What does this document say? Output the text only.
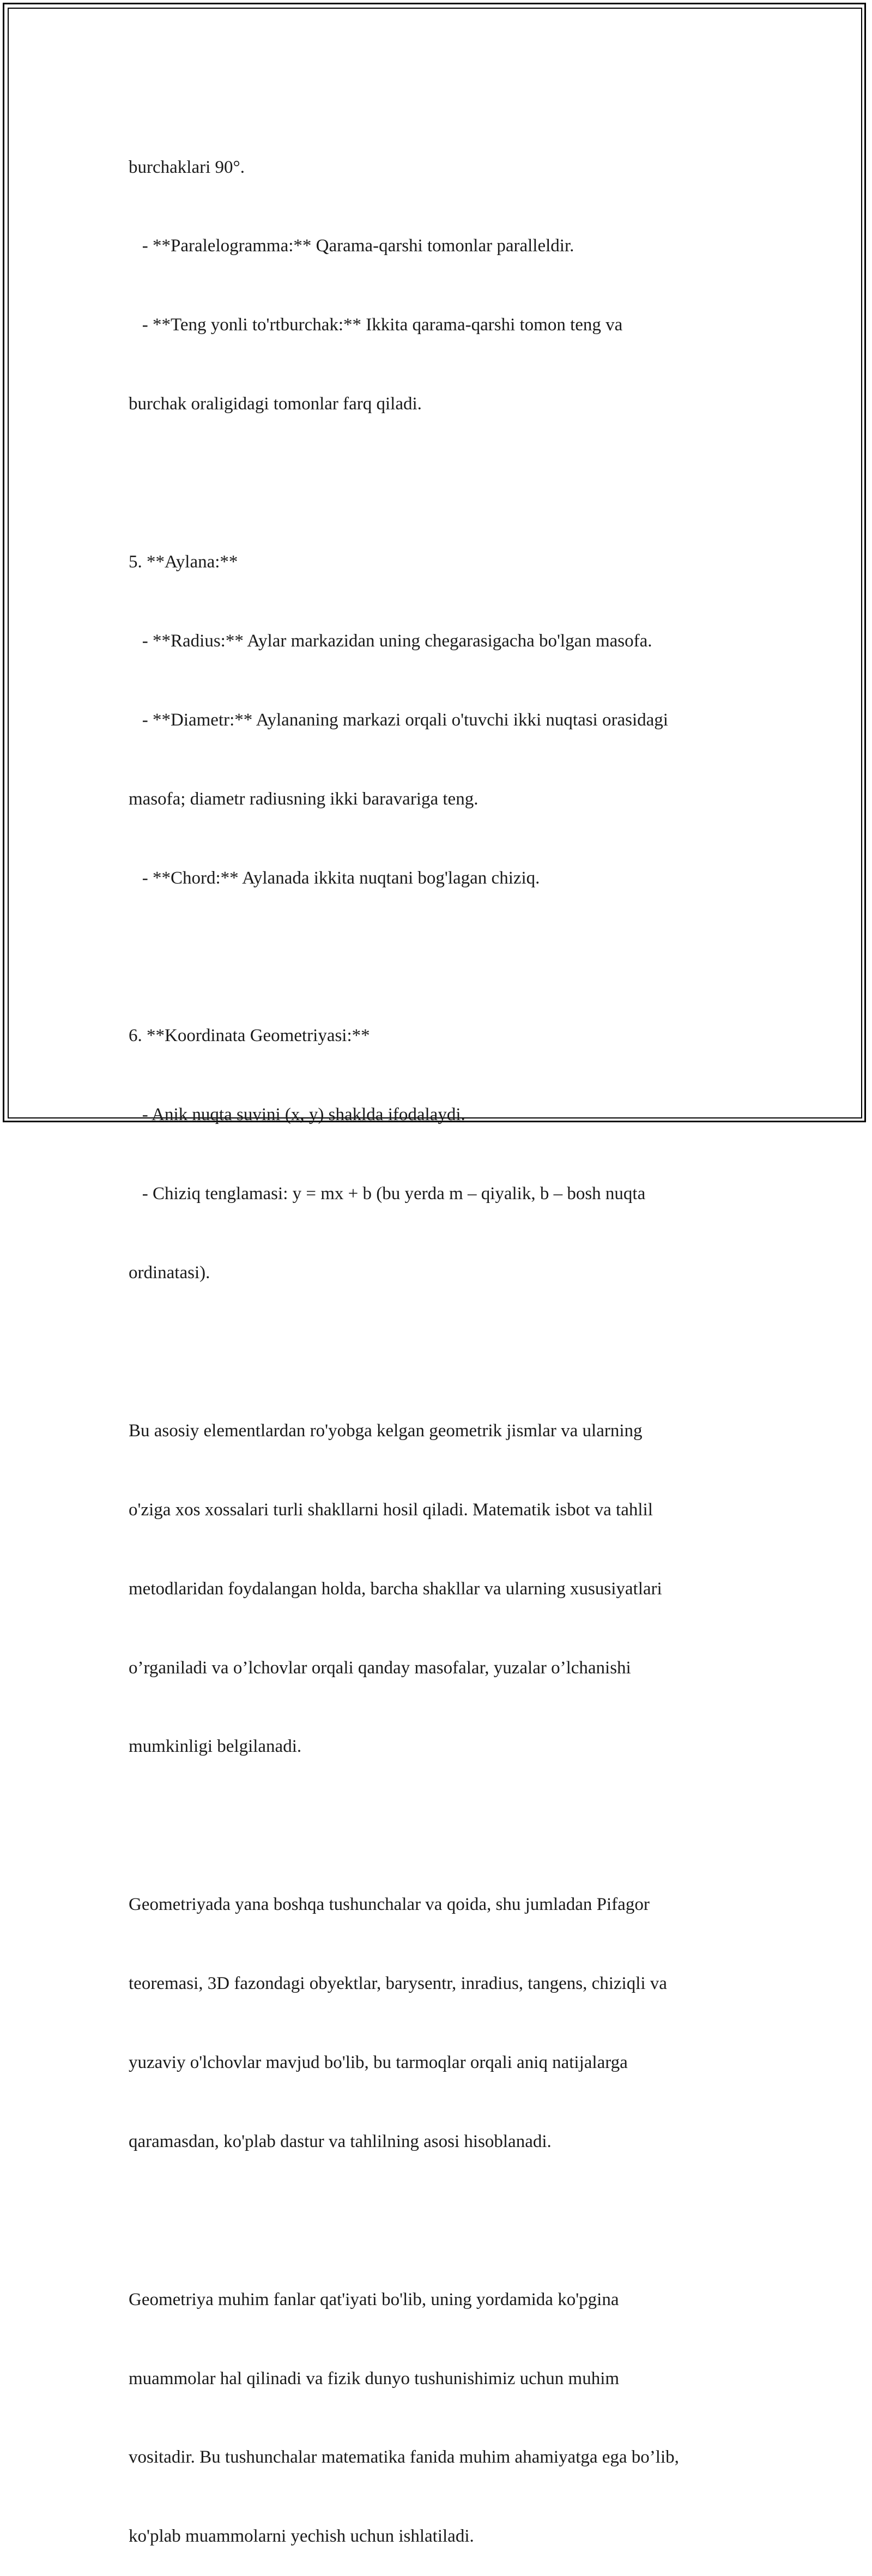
burchaklari 90°.

- **Paralelogramma:** Qarama-qarshi tomonlar paralleldir.

- **Teng yonli to'rtburchak:** Ikkita qarama-qarshi tomon teng va

burchak oraligidagi tomonlar farq qiladi.

5. **Aylana:**

- **Radius:** Aylar markazidan uning chegarasigacha bo'lgan masofa.

- **Diametr:** Aylananing markazi orqali o'tuvchi ikki nuqtasi orasidagi

masofa; diametr radiusning ikki baravariga teng.

- **Chord:** Aylanada ikkita nuqtani bog'lagan chiziq.

6. **Koordinata Geometriyasi:**

- Anik nuqta suvini (x, y) shaklda ifodalaydi.

- Chiziq tenglamasi: y = mx + b (bu yerda m – qiyalik, b – bosh nuqta

ordinatasi).

Bu asosiy elementlardan ro'yobga kelgan geometrik jismlar va ularning

o'ziga xos xossalari turli shakllarni hosil qiladi. Matematik isbot va tahlil

metodlaridan foydalangan holda, barcha shakllar va ularning xususiyatlari

o’rganiladi va o’lchovlar orqali qanday masofalar, yuzalar o’lchanishi

mumkinligi belgilanadi.

Geometriyada yana boshqa tushunchalar va qoida, shu jumladan Pifagor

teoremasi, 3D fazondagi obyektlar, barysentr, inradius, tangens, chiziqli va

yuzaviy o'lchovlar mavjud bo'lib, bu tarmoqlar orqali aniq natijalarga

qaramasdan, ko'plab dastur va tahlilning asosi hisoblanadi.

Geometriya muhim fanlar qat'iyati bo'lib, uning yordamida ko'pgina

muammolar hal qilinadi va fizik dunyo tushunishimiz uchun muhim

vositadir. Bu tushunchalar matematika fanida muhim ahamiyatga ega bo’lib,

ko'plab muammolarni yechish uchun ishlatiladi.
